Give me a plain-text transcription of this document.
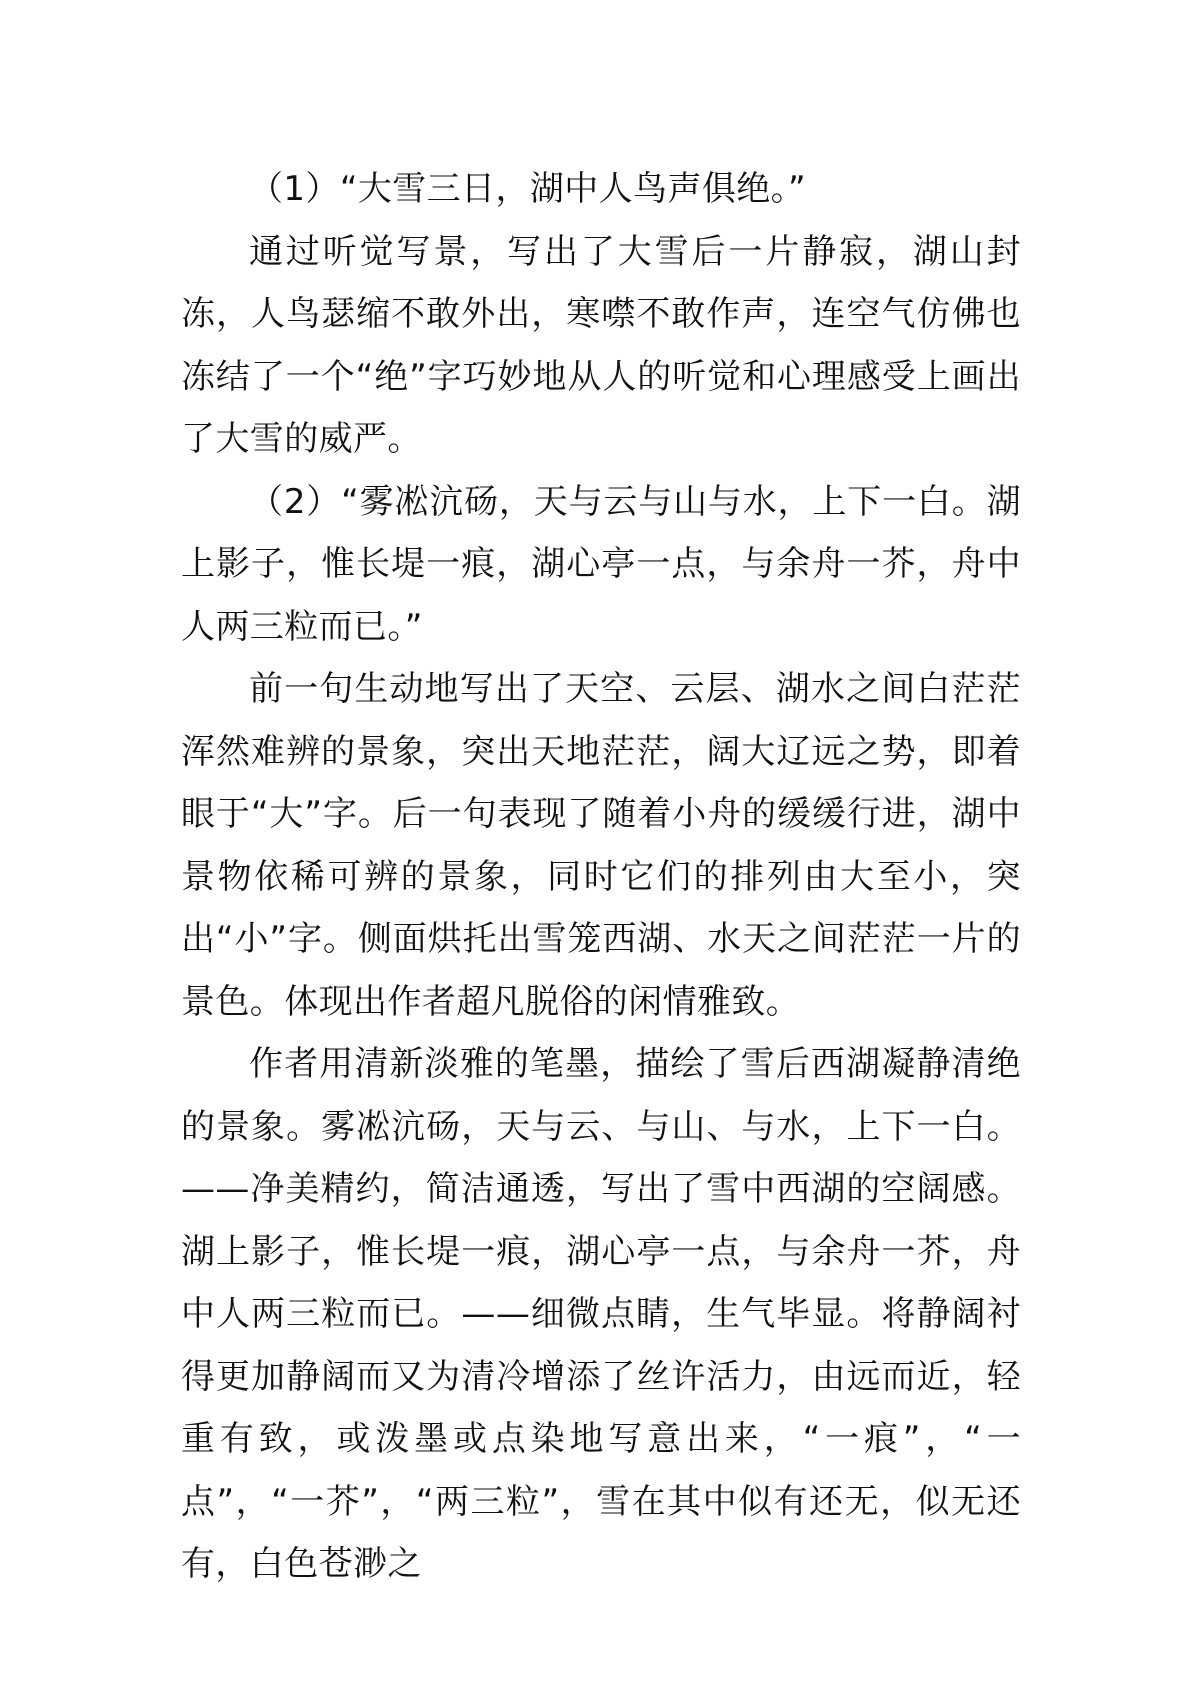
（1）“大雪三日，湖中人鸟声俱绝。”

通过听觉写景，写出了大雪后一片静寂，湖山封冻，人鸟瑟缩不敢外出，寒噤不敢作声，连空气仿佛也冻结了一个“绝”字巧妙地从人的听觉和心理感受上画出了大雪的威严。

（2）“雾凇沆砀，天与云与山与水，上下一白。湖上影子，惟长堤一痕，湖心亭一点，与余舟一芥，舟中人两三粒而已。”

前一句生动地写出了天空、云层、湖水之间白茫茫浑然难辨的景象，突出天地茫茫，阔大辽远之势，即着眼于“大”字。后一句表现了随着小舟的缓缓行进，湖中景物依稀可辨的景象，同时它们的排列由大至小，突出“小”字。侧面烘托出雪笼西湖、水天之间茫茫一片的景色。体现出作者超凡脱俗的闲情雅致。

作者用清新淡雅的笔墨，描绘了雪后西湖凝静清绝的景象。雾凇沆砀，天与云、与山、与水，上下一白。——净美精约，简洁通透，写出了雪中西湖的空阔感。湖上影子，惟长堤一痕，湖心亭一点，与余舟一芥，舟中人两三粒而已。——细微点睛，生气毕显。将静阔衬得更加静阔而又为清冷增添了丝许活力，由远而近，轻重有致，或泼墨或点染地写意出来，“一痕”，“一点”，“一芥”，“两三粒”，雪在其中似有还无，似无还有，白色苍渺之
